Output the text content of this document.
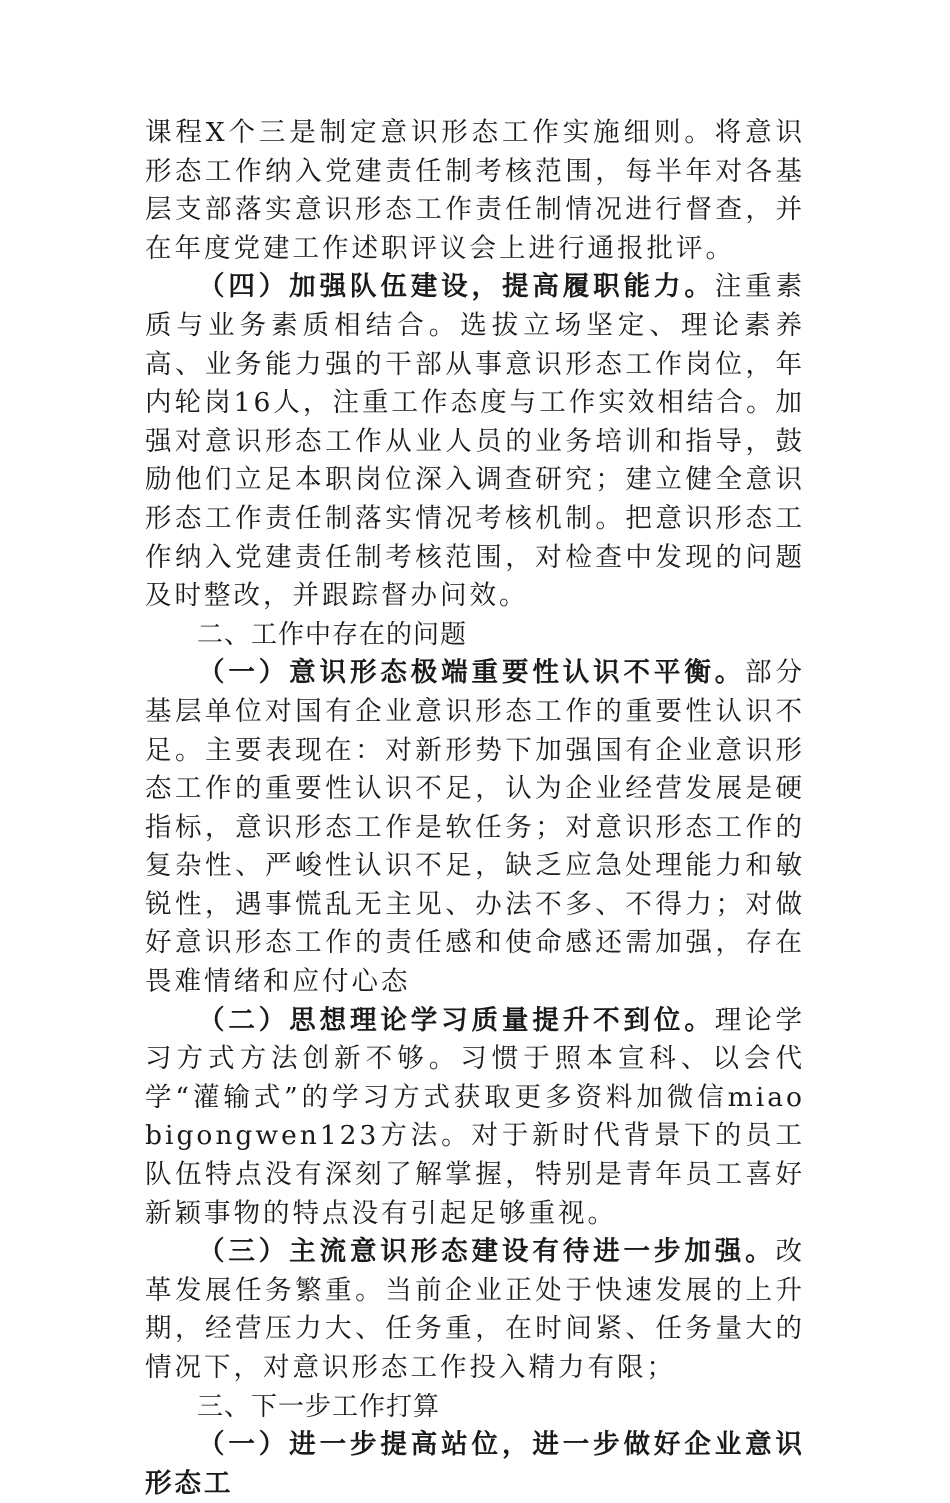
课程Ⅹ个三是制定意识形态工作实施细则。将意识形态工作纳入党建责任制考核范围，每半年对各基层支部落实意识形态工作责任制情况进行督查，并在年度党建工作述职评议会上进行通报批评。

（四）加强队伍建设，提高履职能力。注重素质与业务素质相结合。选拔立场坚定、理论素养高、业务能力强的干部从事意识形态工作岗位，年内轮岗16人，注重工作态度与工作实效相结合。加强对意识形态工作从业人员的业务培训和指导，鼓励他们立足本职岗位深入调查研究；建立健全意识形态工作责任制落实情况考核机制。把意识形态工作纳入党建责任制考核范围，对检查中发现的问题及时整改，并跟踪督办问效。

二、工作中存在的问题

（一）意识形态极端重要性认识不平衡。部分基层单位对国有企业意识形态工作的重要性认识不足。主要表现在：对新形势下加强国有企业意识形态工作的重要性认识不足，认为企业经营发展是硬指标，意识形态工作是软任务；对意识形态工作的复杂性、严峻性认识不足，缺乏应急处理能力和敏锐性，遇事慌乱无主见、办法不多、不得力；对做好意识形态工作的责任感和使命感还需加强，存在畏难情绪和应付心态

（二）思想理论学习质量提升不到位。理论学习方式方法创新不够。习惯于照本宣科、以会代学“灌输式”的学习方式获取更多资料加微信miaobigongwen123方法。对于新时代背景下的员工队伍特点没有深刻了解掌握，特别是青年员工喜好新颖事物的特点没有引起足够重视。

（三）主流意识形态建设有待进一步加强。改革发展任务繁重。当前企业正处于快速发展的上升期，经营压力大、任务重，在时间紧、任务量大的情况下，对意识形态工作投入精力有限；

三、下一步工作打算

（一）进一步提高站位，进一步做好企业意识形态工
